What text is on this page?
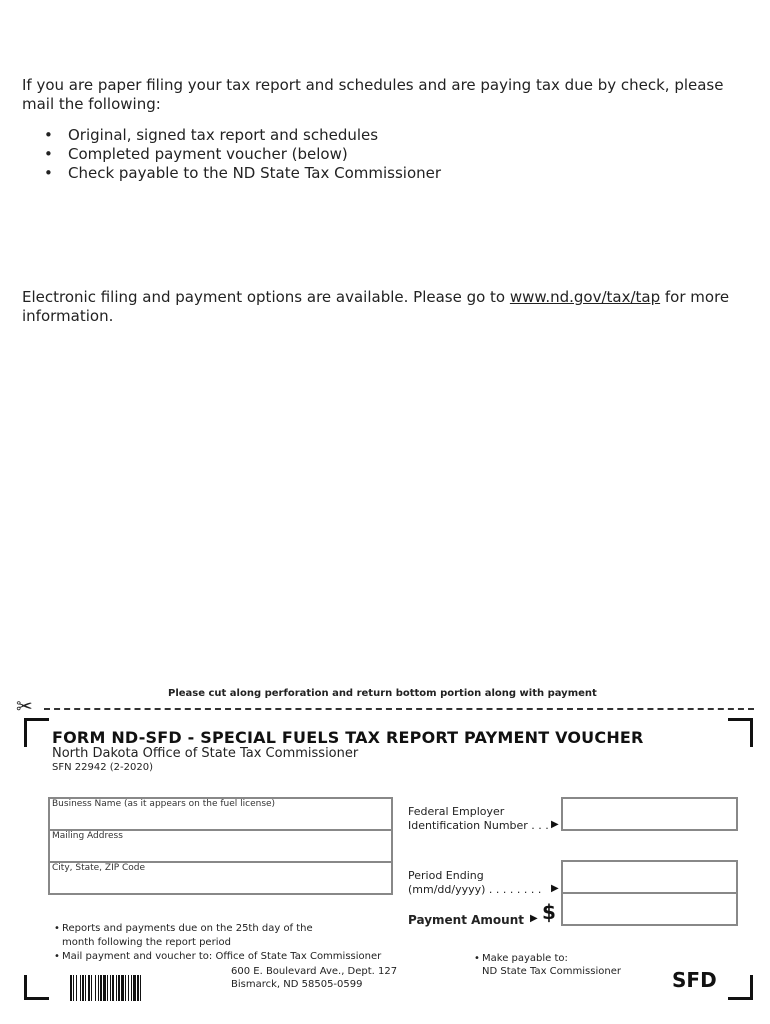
If you are paper filing your tax report and schedules and are paying tax due by check, please mail the following:
• Original, signed tax report and schedules
• Completed payment voucher (below)
• Check payable to the ND State Tax Commissioner
Electronic filing and payment options are available. Please go to www.nd.gov/tax/tap for more information.
✂
Please cut along perforation and return bottom portion along with payment
FORM ND-SFD - SPECIAL FUELS TAX REPORT PAYMENT VOUCHER
North Dakota Office of State Tax Commissioner
SFN 22942 (2-2020)
Business Name (as it appears on the fuel license)
Mailing Address
City, State, ZIP Code
Federal Employer
Identification Number . . . ▶
Period Ending
(mm/dd/yyyy) . . . . . . . . ▶
Payment Amount ▶ $
• Reports and payments due on the 25th day of the
month following the report period
• Mail payment and voucher to: Office of State Tax Commissioner
600 E. Boulevard Ave., Dept. 127
Bismarck, ND 58505-0599
• Make payable to:
ND State Tax Commissioner	SFD
